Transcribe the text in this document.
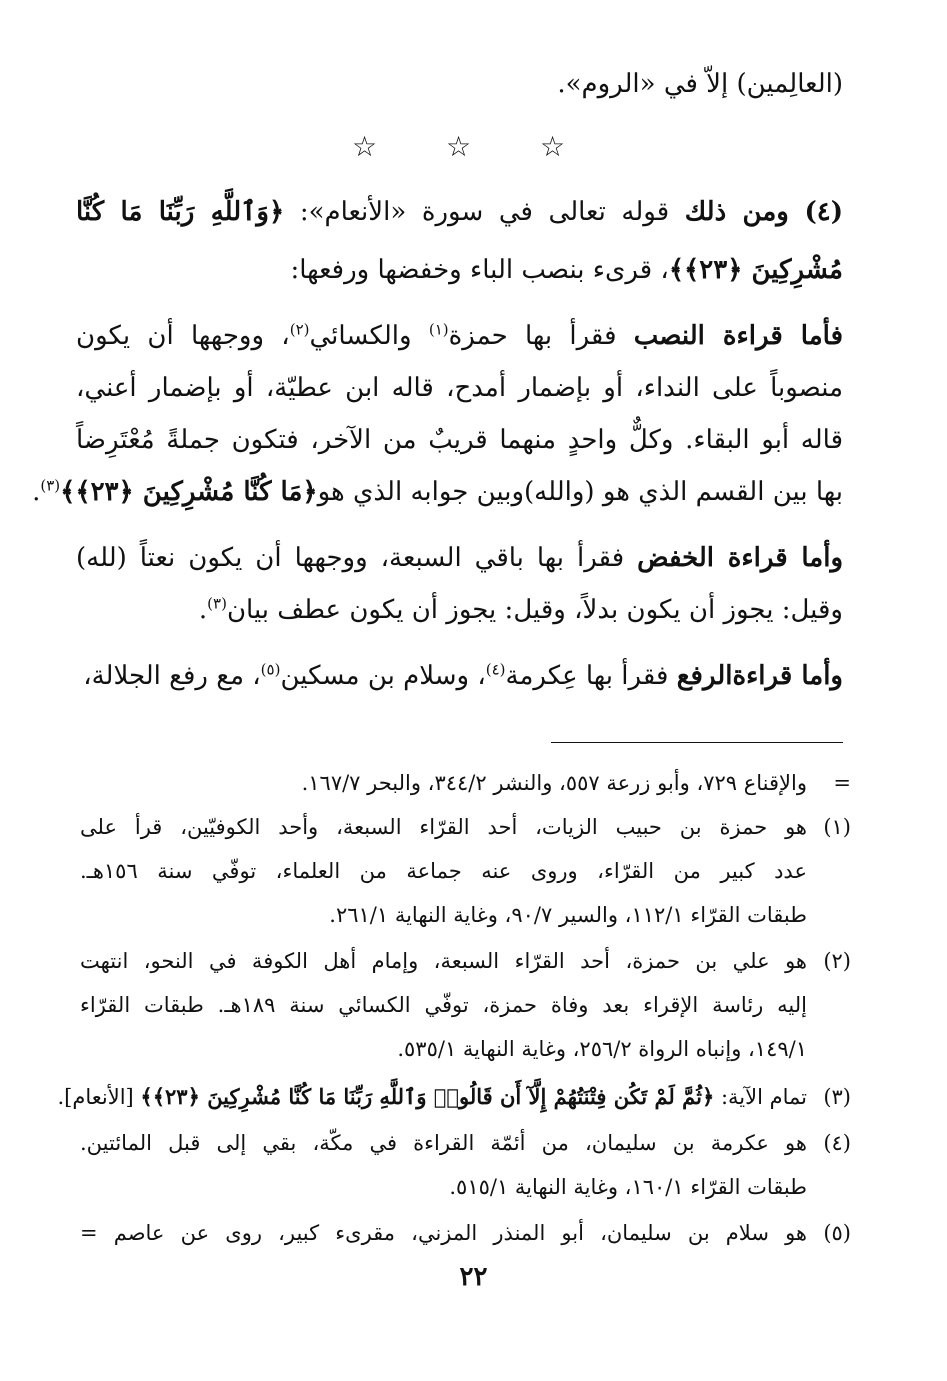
(العالِمين) إلاّ في «الروم».
☆ ☆ ☆
(٤) ومن ذلك قوله تعالى في سورة «الأنعام»: ﴿وَٱللَّهِ رَبِّنَا مَا كُنَّا
مُشْرِكِينَ ﴿٢٣﴾﴾، قرىء بنصب الباء وخفضها ورفعها:
فأما قراءة النصب فقرأ بها حمزة$^{(١)}$ والكسائي$^{(٢)}$، ووجهها أن يكون
منصوباً على النداء، أو بإضمار أمدح، قاله ابن عطيّة، أو بإضمار أعني،
قاله أبو البقاء. وكلٌّ واحدٍ منهما قريبٌ من الآخر، فتكون جملةً مُعْتَرِضاً
بها بين القسم الذي هو (والله)وبين جوابه الذي هو﴿مَا كُنَّا مُشْرِكِينَ ﴿٢٣﴾﴾$^{(٣)}$.
وأما قراءة الخفض فقرأ بها باقي السبعة، ووجهها أن يكون نعتاً (لله)
وقيل: يجوز أن يكون بدلاً، وقيل: يجوز أن يكون عطف بيان$^{(٣)}$.
وأما قراءةالرفع فقرأ بها عِكرمة$^{(٤)}$، وسلام بن مسكين$^{(٥)}$، مع رفع الجلالة،
=
والإقناع ٧٢٩، وأبو زرعة ٥٥٧، والنشر ٣٤٤/٢، والبحر ١٦٧/٧.
(١)
هو حمزة بن حبيب الزيات، أحد القرّاء السبعة، وأحد الكوفيّين، قرأ على
عدد كبير من القرّاء، وروى عنه جماعة من العلماء، توفّي سنة ١٥٦هـ.
طبقات القرّاء ١١٢/١، والسير ٩٠/٧، وغاية النهاية ٢٦١/١.
(٢)
هو علي بن حمزة، أحد القرّاء السبعة، وإمام أهل الكوفة في النحو، انتهت
إليه رئاسة الإقراء بعد وفاة حمزة، توفّي الكسائي سنة ١٨٩هـ. طبقات القرّاء
١٤٩/١، وإنباه الرواة ٢٥٦/٢، وغاية النهاية ٥٣٥/١.
(٣)
تمام الآية: ﴿ثُمَّ لَمْ تَكُن فِتْنَتُهُمْ إِلَّآ أَن قَالُوا۟ وَٱللَّهِ رَبِّنَا مَا كُنَّا مُشْرِكِينَ ﴿٢٣﴾﴾ [الأنعام].
(٤)
هو عكرمة بن سليمان، من أئمّة القراءة في مكّة، بقي إلى قبل المائتين.
طبقات القرّاء ١٦٠/١، وغاية النهاية ٥١٥/١.
(٥)
هو سلام بن سليمان، أبو المنذر المزني، مقرىء كبير، روى عن عاصم =
٢٢
